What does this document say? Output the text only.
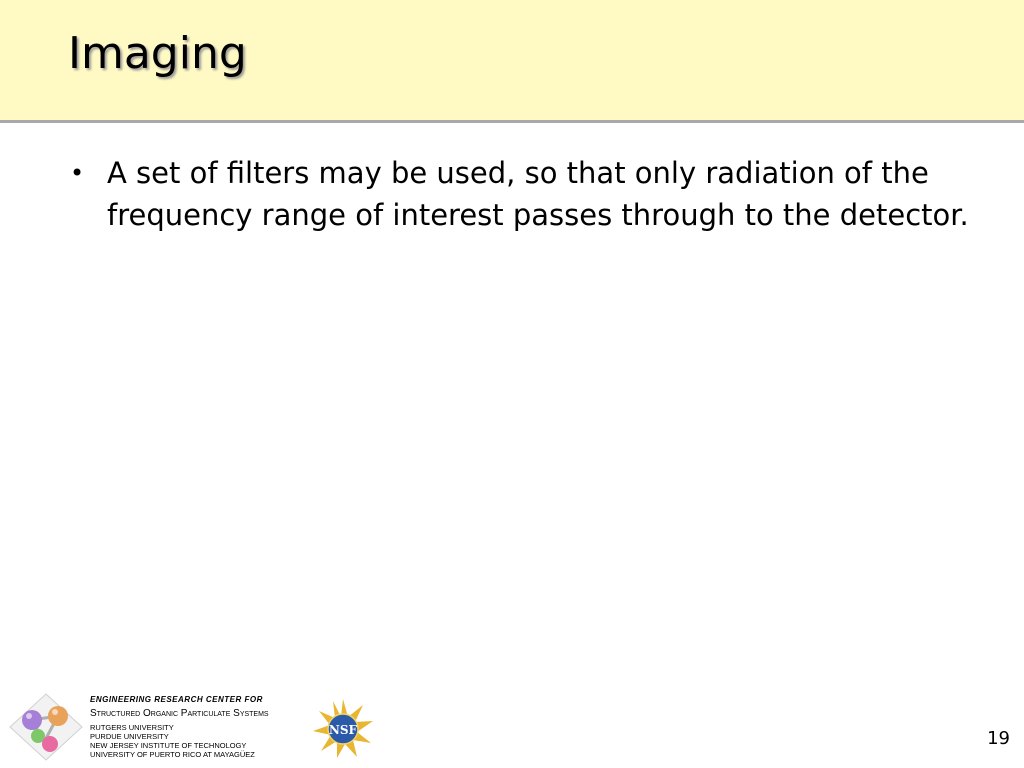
Imaging
• A set of filters may be used, so that only radiation of the frequency range of interest passes through to the detector.
ENGINEERING RESEARCH CENTER FOR
Structured Organic Particulate Systems
RUTGERS UNIVERSITY
PURDUE UNIVERSITY
NEW JERSEY INSTITUTE OF TECHNOLOGY
UNIVERSITY OF PUERTO RICO AT MAYAGÜEZ
NSF	19
